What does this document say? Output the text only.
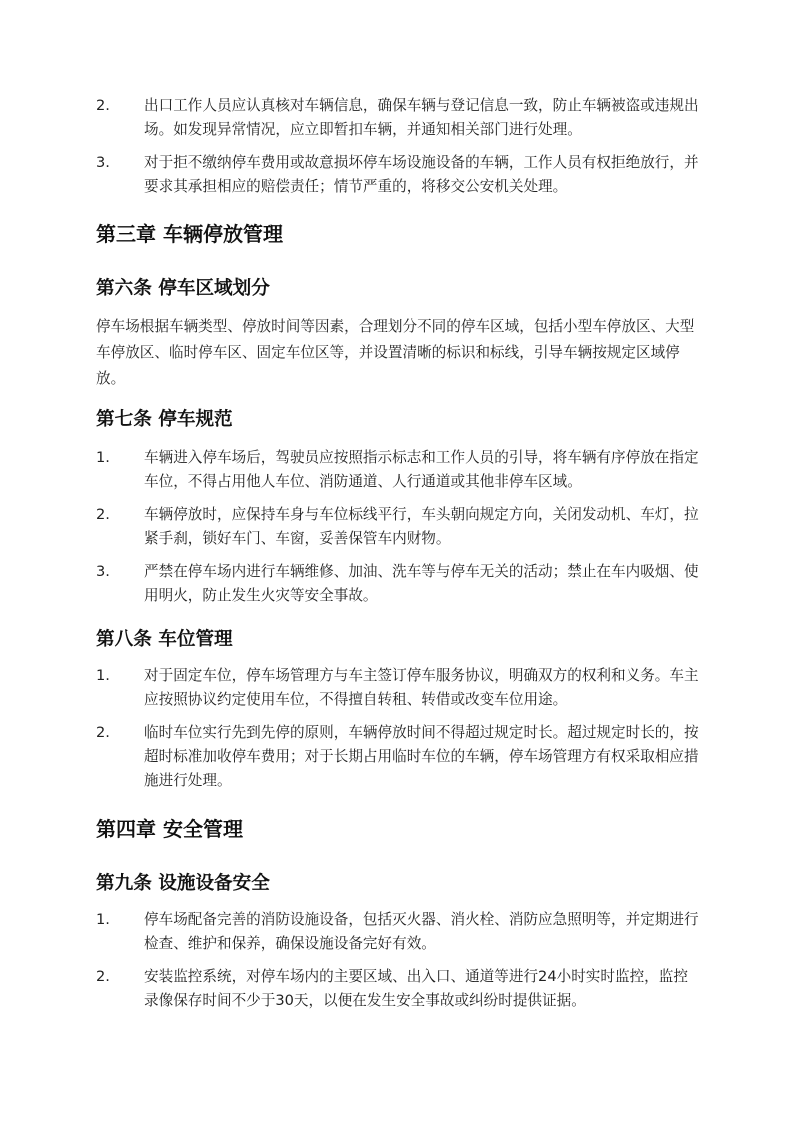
2. 出口工作人员应认真核对车辆信息，确保车辆与登记信息一致，防止车辆被盗或违规出场。如发现异常情况，应立即暂扣车辆，并通知相关部门进行处理。
3. 对于拒不缴纳停车费用或故意损坏停车场设施设备的车辆，工作人员有权拒绝放行，并要求其承担相应的赔偿责任；情节严重的，将移交公安机关处理。
第三章 车辆停放管理
第六条 停车区域划分

停车场根据车辆类型、停放时间等因素，合理划分不同的停车区域，包括小型车停放区、大型车停放区、临时停车区、固定车位区等，并设置清晰的标识和标线，引导车辆按规定区域停放。

第七条 停车规范
1. 车辆进入停车场后，驾驶员应按照指示标志和工作人员的引导，将车辆有序停放在指定车位，不得占用他人车位、消防通道、人行通道或其他非停车区域。
2. 车辆停放时，应保持车身与车位标线平行，车头朝向规定方向，关闭发动机、车灯，拉紧手刹，锁好车门、车窗，妥善保管车内财物。
3. 严禁在停车场内进行车辆维修、加油、洗车等与停车无关的活动；禁止在车内吸烟、使用明火，防止发生火灾等安全事故。
第八条 车位管理
1. 对于固定车位，停车场管理方与车主签订停车服务协议，明确双方的权利和义务。车主应按照协议约定使用车位，不得擅自转租、转借或改变车位用途。
2. 临时车位实行先到先停的原则，车辆停放时间不得超过规定时长。超过规定时长的，按超时标准加收停车费用；对于长期占用临时车位的车辆，停车场管理方有权采取相应措施进行处理。
第四章 安全管理
第九条 设施设备安全
1. 停车场配备完善的消防设施设备，包括灭火器、消火栓、消防应急照明等，并定期进行检查、维护和保养，确保设施设备完好有效。
2. 安装监控系统，对停车场内的主要区域、出入口、通道等进行24小时实时监控，监控录像保存时间不少于30天，以便在发生安全事故或纠纷时提供证据。
